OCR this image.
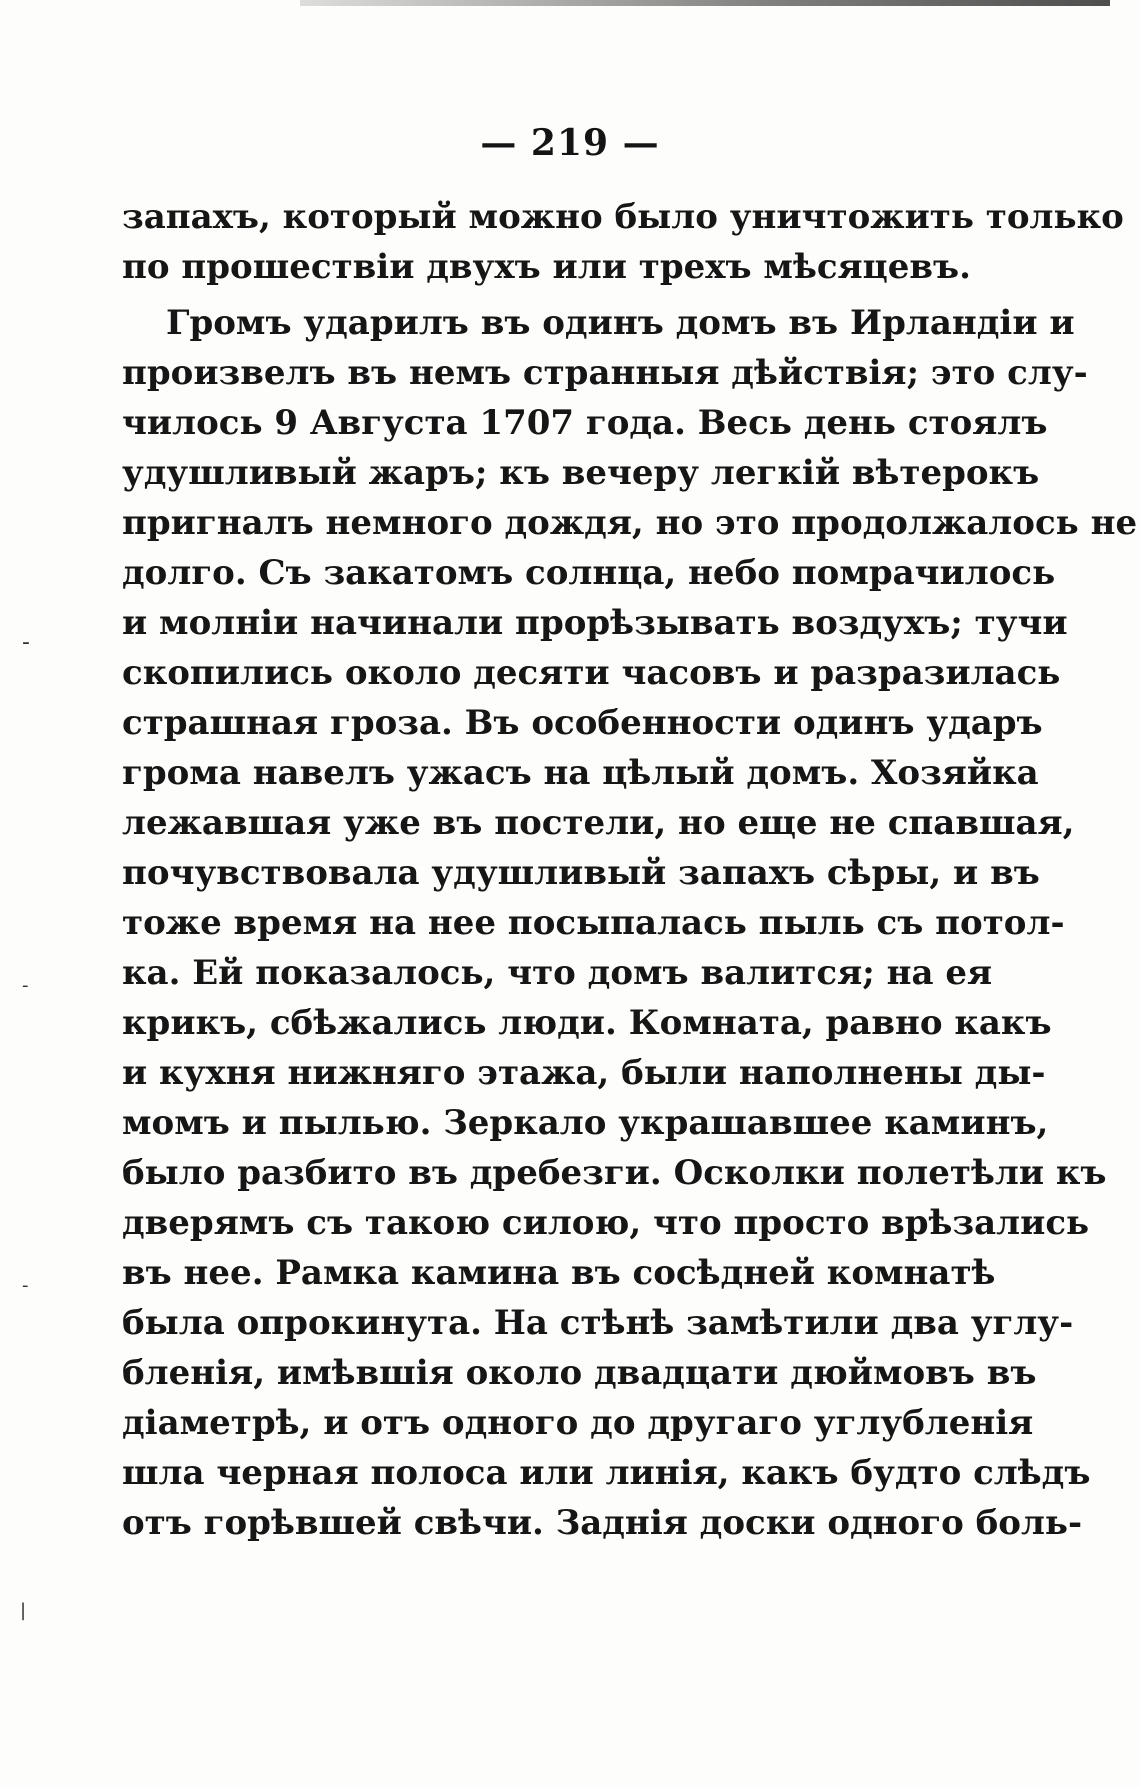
— 219 —
запахъ, который можно было уничтожить только
по прошествіи двухъ или трехъ мѣсяцевъ.
Громъ ударилъ въ одинъ домъ въ Ирландіи и
произвелъ въ немъ странныя дѣйствія; это слу-
чилось 9 Августа 1707 года. Весь день стоялъ
удушливый жаръ; къ вечеру легкій вѣтерокъ
пригналъ немного дождя, но это продолжалось не
долго. Съ закатомъ солнца, небо помрачилось
и молніи начинали прорѣзывать воздухъ; тучи
скопились около десяти часовъ и разразилась
страшная гроза. Въ особенности одинъ ударъ
грома навелъ ужасъ на цѣлый домъ. Хозяйка
лежавшая уже въ постели, но еще не спавшая,
почувствовала удушливый запахъ сѣры, и въ
тоже время на нее посыпалась пыль съ потол-
ка. Ей показалось, что домъ валится; на ея
крикъ, сбѣжались люди. Комната, равно какъ
и кухня нижняго этажа, были наполнены ды-
момъ и пылью. Зеркало украшавшее каминъ,
было разбито въ дребезги. Осколки полетѣли къ
дверямъ съ такою силою, что просто врѣзались
въ нее. Рамка камина въ сосѣдней комнатѣ
была опрокинута. На стѣнѣ замѣтили два углу-
бленія, имѣвшія около двадцати дюймовъ въ
діаметрѣ, и отъ одного до другаго углубленія
шла черная полоса или линія, какъ будто слѣдъ
отъ горѣвшей свѣчи. Заднія доски одного боль-
-
-
-
|
